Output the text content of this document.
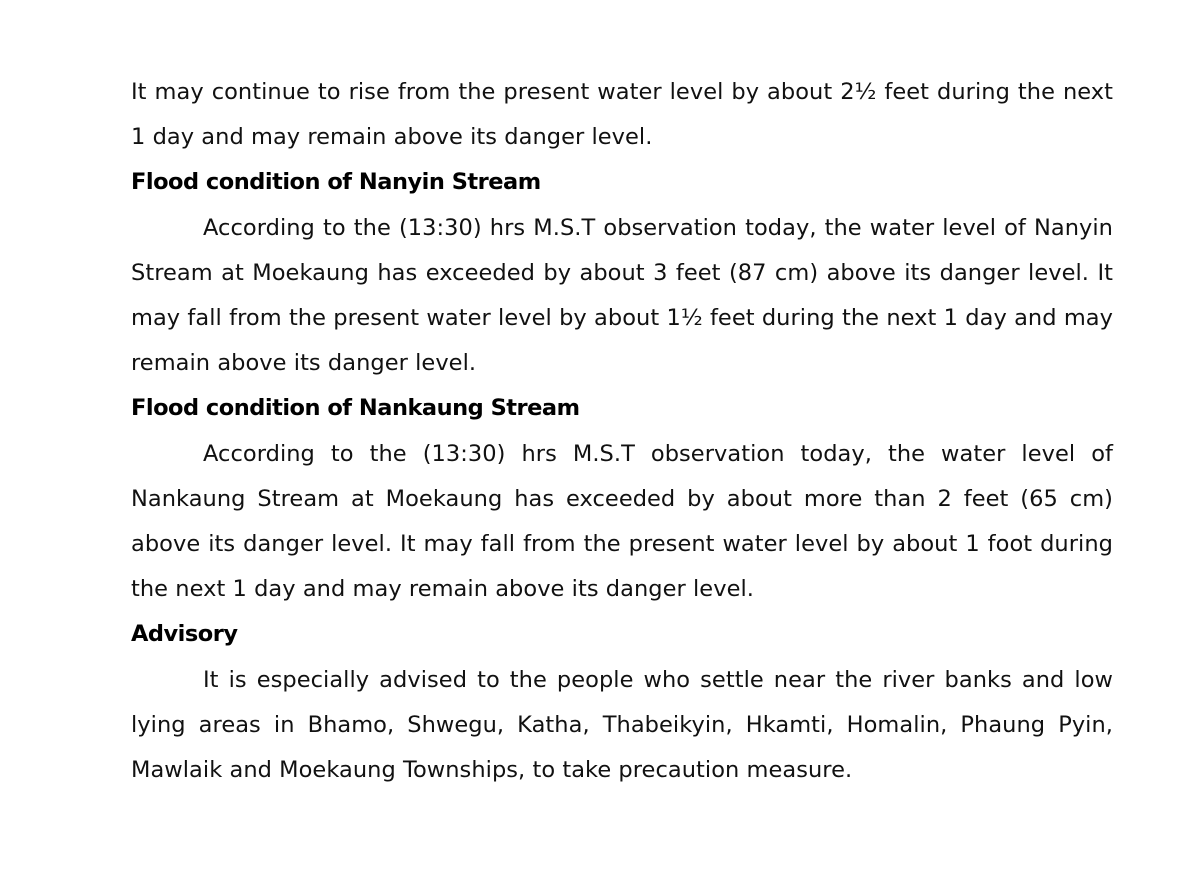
It may continue to rise from the present water level by about 2½ feet during the next 1 day and may remain above its danger level.

Flood condition of Nanyin Stream

According to the (13:30) hrs M.S.T observation today, the water level of Nanyin Stream at Moekaung has exceeded by about 3 feet (87 cm) above its danger level. It may fall from the present water level by about 1½ feet during the next 1 day and may remain above its danger level.

Flood condition of Nankaung Stream

According to the (13:30) hrs M.S.T observation today, the water level of Nankaung Stream at Moekaung has exceeded by about more than 2 feet (65 cm) above its danger level. It may fall from the present water level by about 1 foot during the next 1 day and may remain above its danger level.

Advisory

It is especially advised to the people who settle near the river banks and low lying areas in Bhamo, Shwegu, Katha, Thabeikyin, Hkamti, Homalin, Phaung Pyin, Mawlaik and Moekaung Townships, to take precaution measure.
